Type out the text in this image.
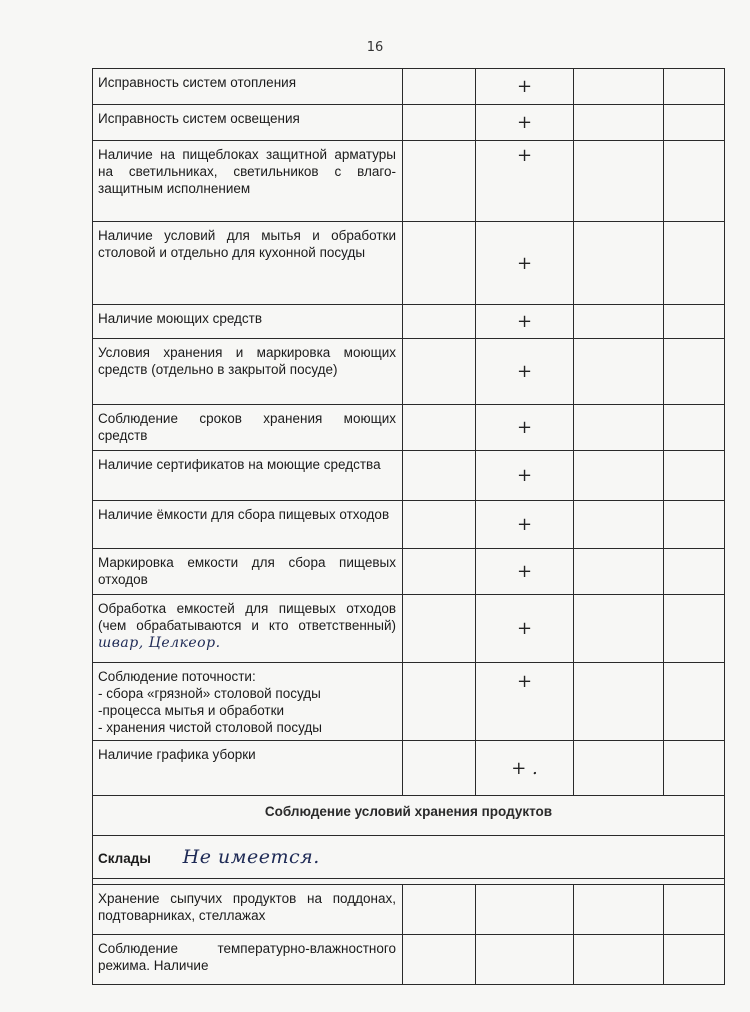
16
Исправность систем отопления		+		
Исправность систем освещения		+		
Наличие на пищеблоках защитной арматуры на светильниках, светильников с влаго-защитным исполнением		+		
Наличие условий для мытья и обработки столовой и отдельно для кухонной посуды		+		
Наличие моющих средств		+		
Условия хранения и маркировка моющих средств (отдельно в закрытой посуде)		+		
Соблюдение сроков хранения моющих средств		+		
Наличие сертификатов на моющие средства		+		
Наличие ёмкости для сбора пищевых отходов		+		
Маркировка емкости для сбора пищевых отходов		+		
Обработка емкостей для пищевых отходов (чем обрабатываются и кто ответственный) швар, Целкеор.		+		

Соблюдение поточности:
- сбора «грязной» столовой посуды
-процесса мытья и обработки
- хранения чистой столовой посуды		+		
Наличие графика уборки		+ .		
Соблюдение условий хранения продуктов				
Склады Не имеется.				

Хранение сыпучих продуктов на поддонах, подтоварниках, стеллажах				
Соблюдение температурно-влажностного режима. Наличие				
